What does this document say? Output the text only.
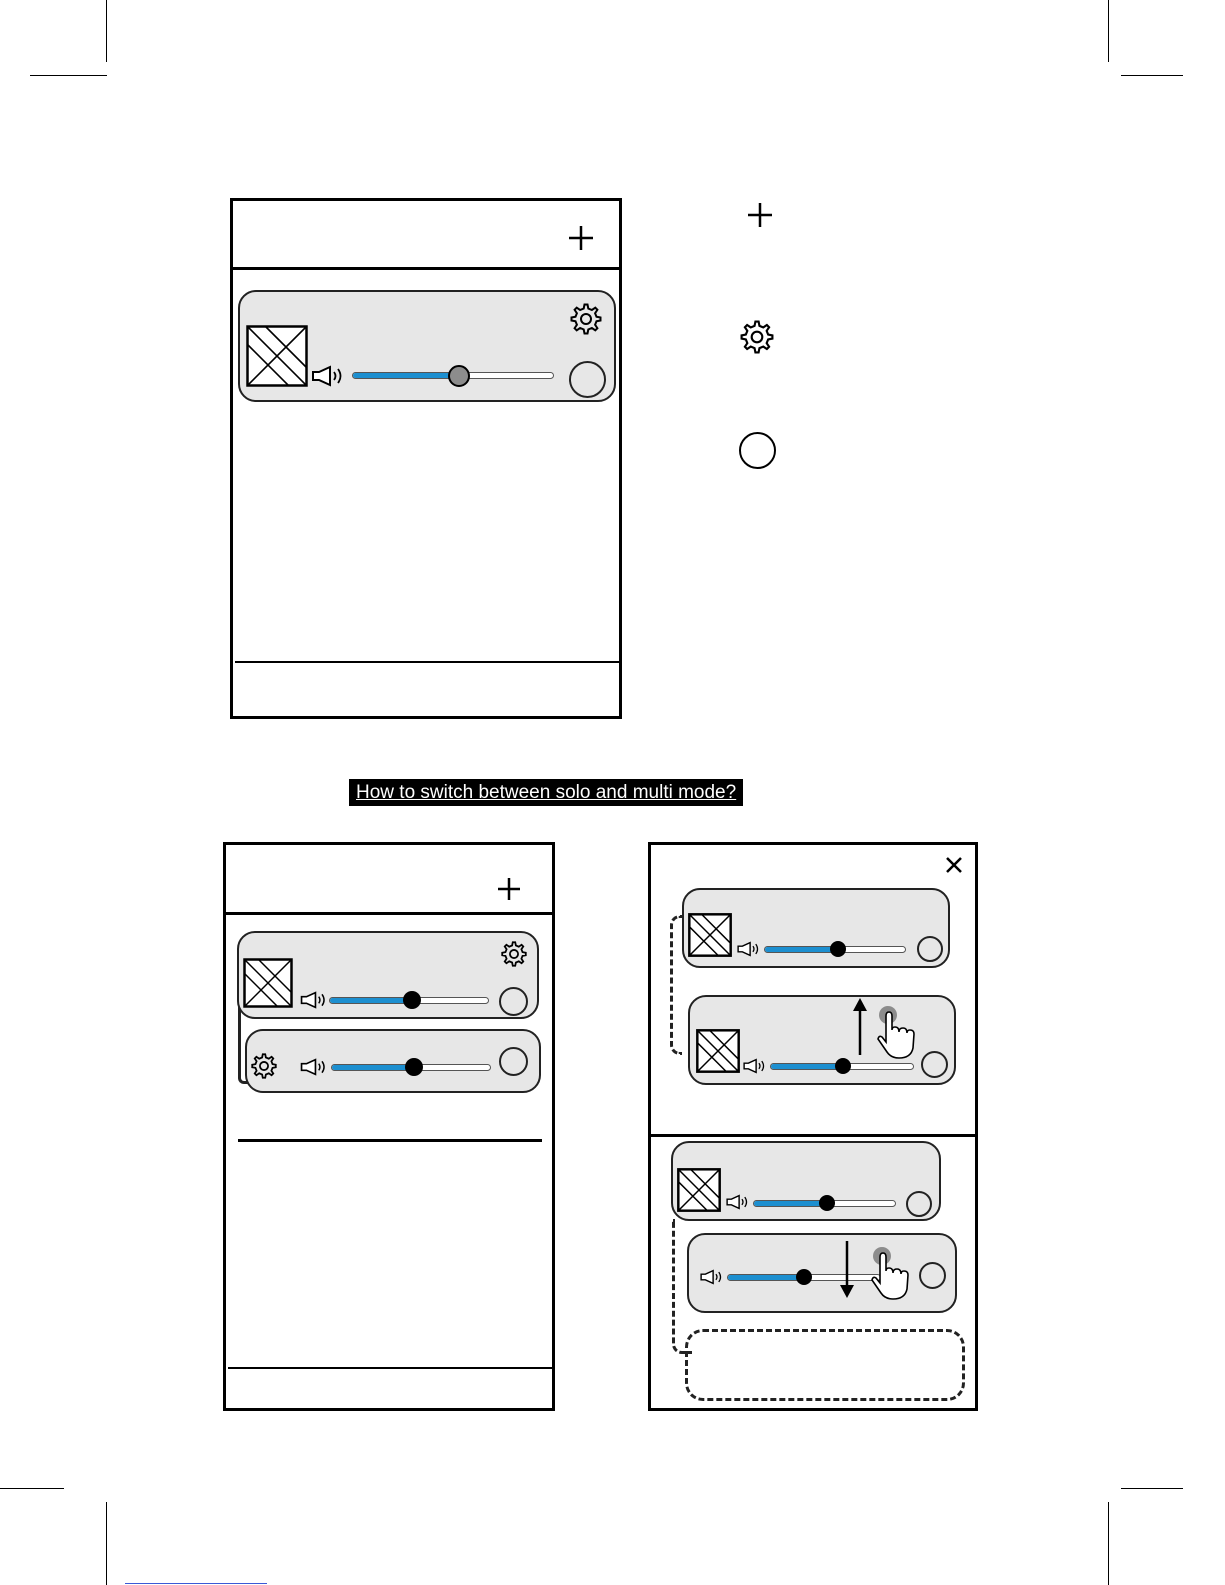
How to switch between solo and multi mode?
